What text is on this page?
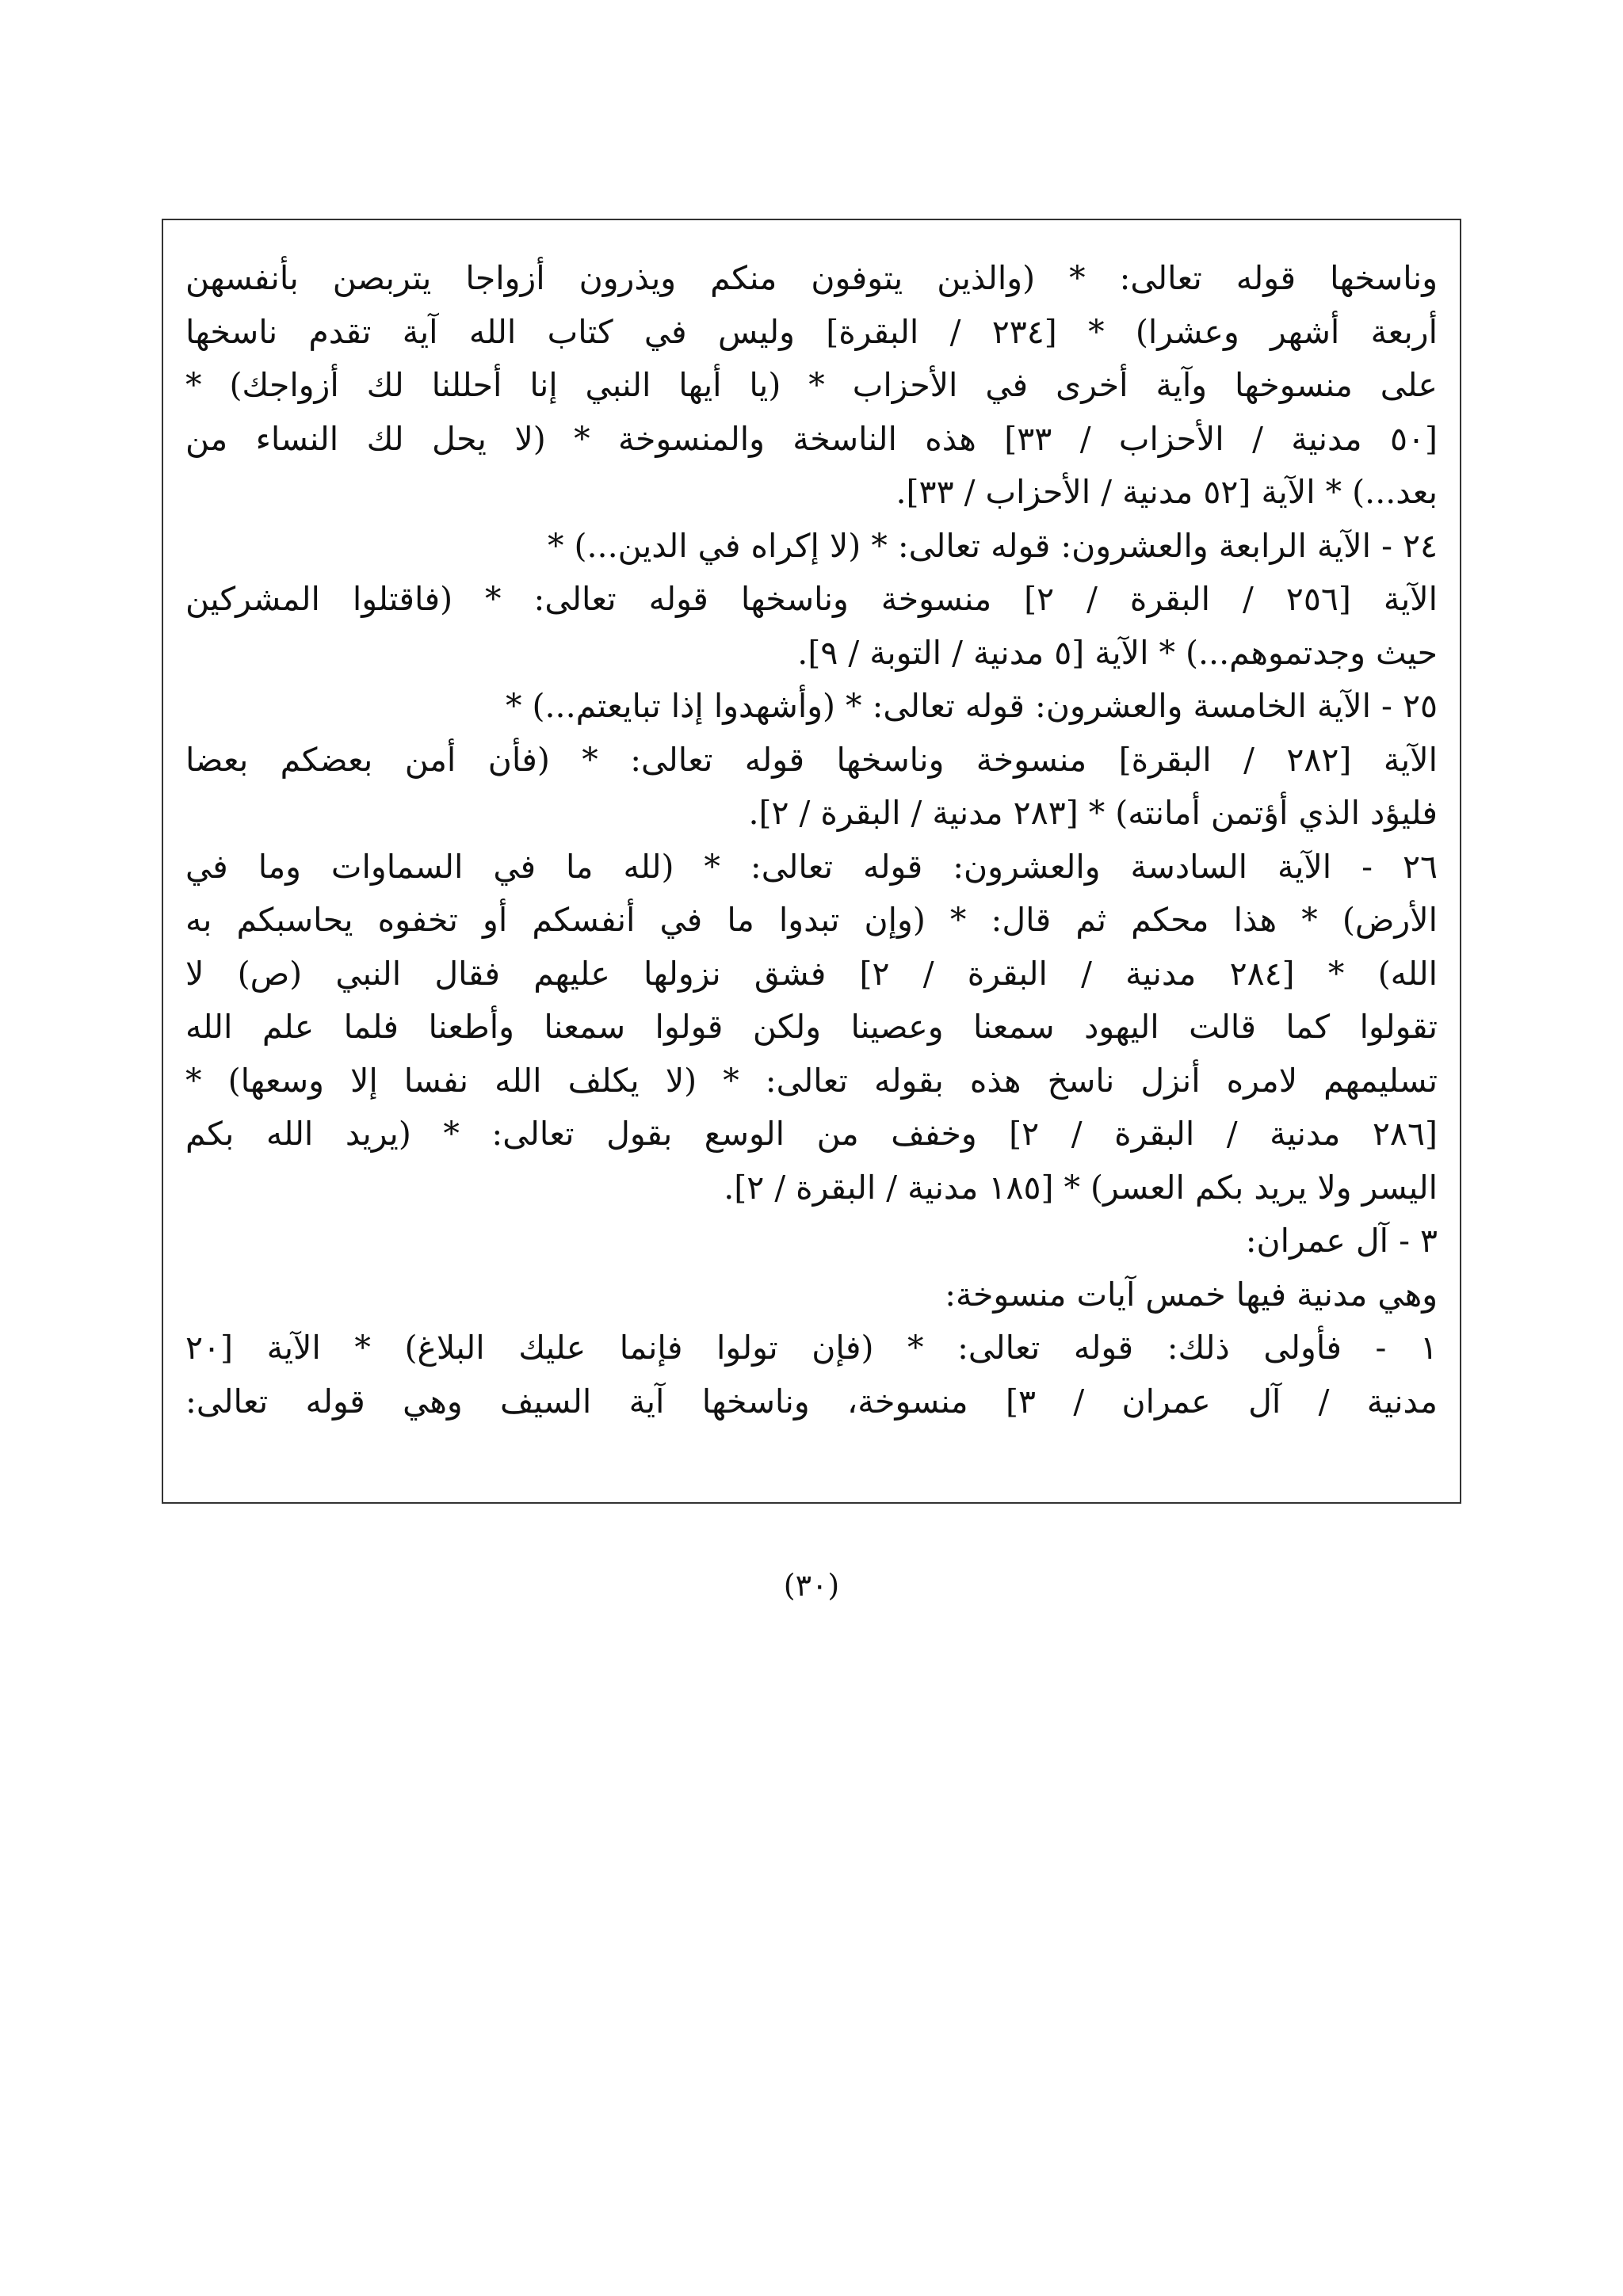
وناسخها قوله تعالى: * (والذين يتوفون منكم ويذرون أزواجا يتربصن بأنفسهن
أربعة أشهر وعشرا) * [٢٣٤ / البقرة] وليس في كتاب الله آية تقدم ناسخها
على منسوخها وآية أخرى في الأحزاب * (يا أيها النبي إنا أحللنا لك أزواجك) *
[٥٠ مدنية / الأحزاب / ٣٣] هذه الناسخة والمنسوخة * (لا يحل لك النساء من
بعد...) * الآية [٥٢ مدنية / الأحزاب / ٣٣].
٢٤ - الآية الرابعة والعشرون: قوله تعالى: * (لا إكراه في الدين...) *
الآية [٢٥٦ / البقرة / ٢] منسوخة وناسخها قوله تعالى: * (فاقتلوا المشركين
حيث وجدتموهم...) * الآية [٥ مدنية / التوبة / ٩].
٢٥ - الآية الخامسة والعشرون: قوله تعالى: * (وأشهدوا إذا تبايعتم...) *
الآية [٢٨٢ / البقرة] منسوخة وناسخها قوله تعالى: * (فأن أمن بعضكم بعضا
فليؤد الذي أؤتمن أمانته) * [٢٨٣ مدنية / البقرة / ٢].
٢٦ - الآية السادسة والعشرون: قوله تعالى: * (لله ما في السماوات وما في
الأرض) * هذا محكم ثم قال: * (وإن تبدوا ما في أنفسكم أو تخفوه يحاسبكم به
الله) * [٢٨٤ مدنية / البقرة / ٢] فشق نزولها عليهم فقال النبي (ص) لا
تقولوا كما قالت اليهود سمعنا وعصينا ولكن قولوا سمعنا وأطعنا فلما علم الله
تسليمهم لامره أنزل ناسخ هذه بقوله تعالى: * (لا يكلف الله نفسا إلا وسعها) *
[٢٨٦ مدنية / البقرة / ٢] وخفف من الوسع بقول تعالى: * (يريد الله بكم
اليسر ولا يريد بكم العسر) * [١٨٥ مدنية / البقرة / ٢].
٣ - آل عمران:
وهي مدنية فيها خمس آيات منسوخة:
١ - فأولى ذلك: قوله تعالى: * (فإن تولوا فإنما عليك البلاغ) * الآية [٢٠
مدنية / آل عمران / ٣] منسوخة، وناسخها آية السيف وهي قوله تعالى:
(٣٠)
